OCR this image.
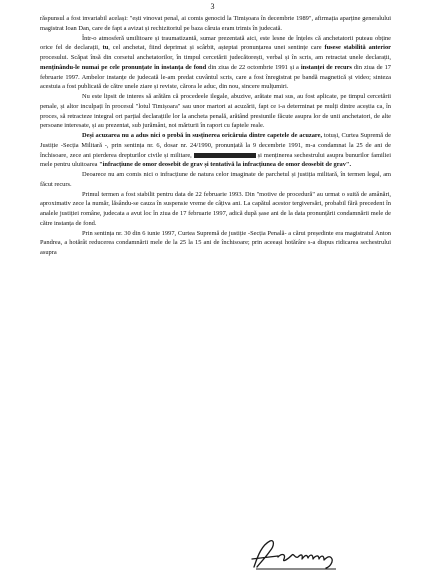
3

răspunsul a fost invariabil același: "ești vinovat penal, ai comis genocid la Timișoara în decembrie 1989", afirmația aparține generalului magistrat Ioan Dan, care de fapt a avizat și rechizitoriul pe baza căruia eram trimis în judecată.

Într-o atmosferă umilitoare și traumatizantă, sumar prezentată aici, este lesne de înțeles că anchetatorii puteau obține orice fel de declarații, tu, cel anchetat, fiind deprimat și scârbit, așteptai pronunțarea unei sentințe care fusese stabilită anterior procesului. Scăpat însă din corsetul anchetatorilor, în timpul cercetării judecătorești, verbal și în scris, am retractat unele declarații, menținându-le numai pe cele pronunțate în instanța de fond din ziua de 22 octombrie 1991 și a instanței de recurs din ziua de 17 februarie 1997. Ambelor instanțe de judecată le-am predat cuvântul scris, care a fost înregistrat pe bandă magnetică și video; sinteza acestuia a fost publicată de către unele ziare și reviste, cărora le aduc, din nou, sincere mulțumiri.

Nu este lipsit de interes să arătăm că procedeele ilegale, abuzive, arătate mai sus, au fost aplicate, pe timpul cercetării penale, și altor inculpați în procesul "lotul Timișoara" sau unor martori ai acuzării, fapt ce i-a determinat pe mulți dintre aceștia ca, în proces, să retracteze integral ori parțial declarațiile lor la ancheta penală, arătând presiunile făcute asupra lor de unii anchetatori, de alte persoane interesate, și au prezentat, sub jurământ, noi mărturii în raport cu faptele reale.

Deși acuzarea nu a adus nici o probă în susținerea oricăruia dintre capetele de acuzare, totuși, Curtea Supremă de Justiție -Secția Militară -, prin sentința nr. 6, dosar nr. 24/1990, pronunțată la 9 decembrie 1991, m-a condamnat la 25 de ani de închisoare, zece ani pierderea drepturilor civile și militare,	și menținerea sechestrului asupra bunurilor familiei mele pentru uluitoarea "infracțiune de omor deosebit de grav și tentativă la infracțiunea de omor deosebit de grav".

Deoarece nu am comis nici o infracțiune de natura celor imaginate de parchetul și justiția militară, în termen legal, am făcut recurs.

Primul termen a fost stabilit pentru data de 22 februarie 1993. Din "motive de procedură" au urmat o suită de amânări, aproximativ zece la număr, lăsându-se cauza în suspensie vreme de câțiva ani. La capătul acestor tergiversări, probabil fără precedent în analele justiției române, judecata a avut loc în ziua de 17 februarie 1997, adică după șase ani de la data pronunțării condamnării mele de către instanța de fond.

Prin sentința nr. 30 din 6 iunie 1997, Curtea Supremă de justiție -Secția Penală- a cărui președinte era magistratul Anton Pandrea, a hotărât reducerea condamnării mele de la 25 la 15 ani de închisoare; prin aceeași hotărâre s-a dispus ridicarea sechestrului asupra
